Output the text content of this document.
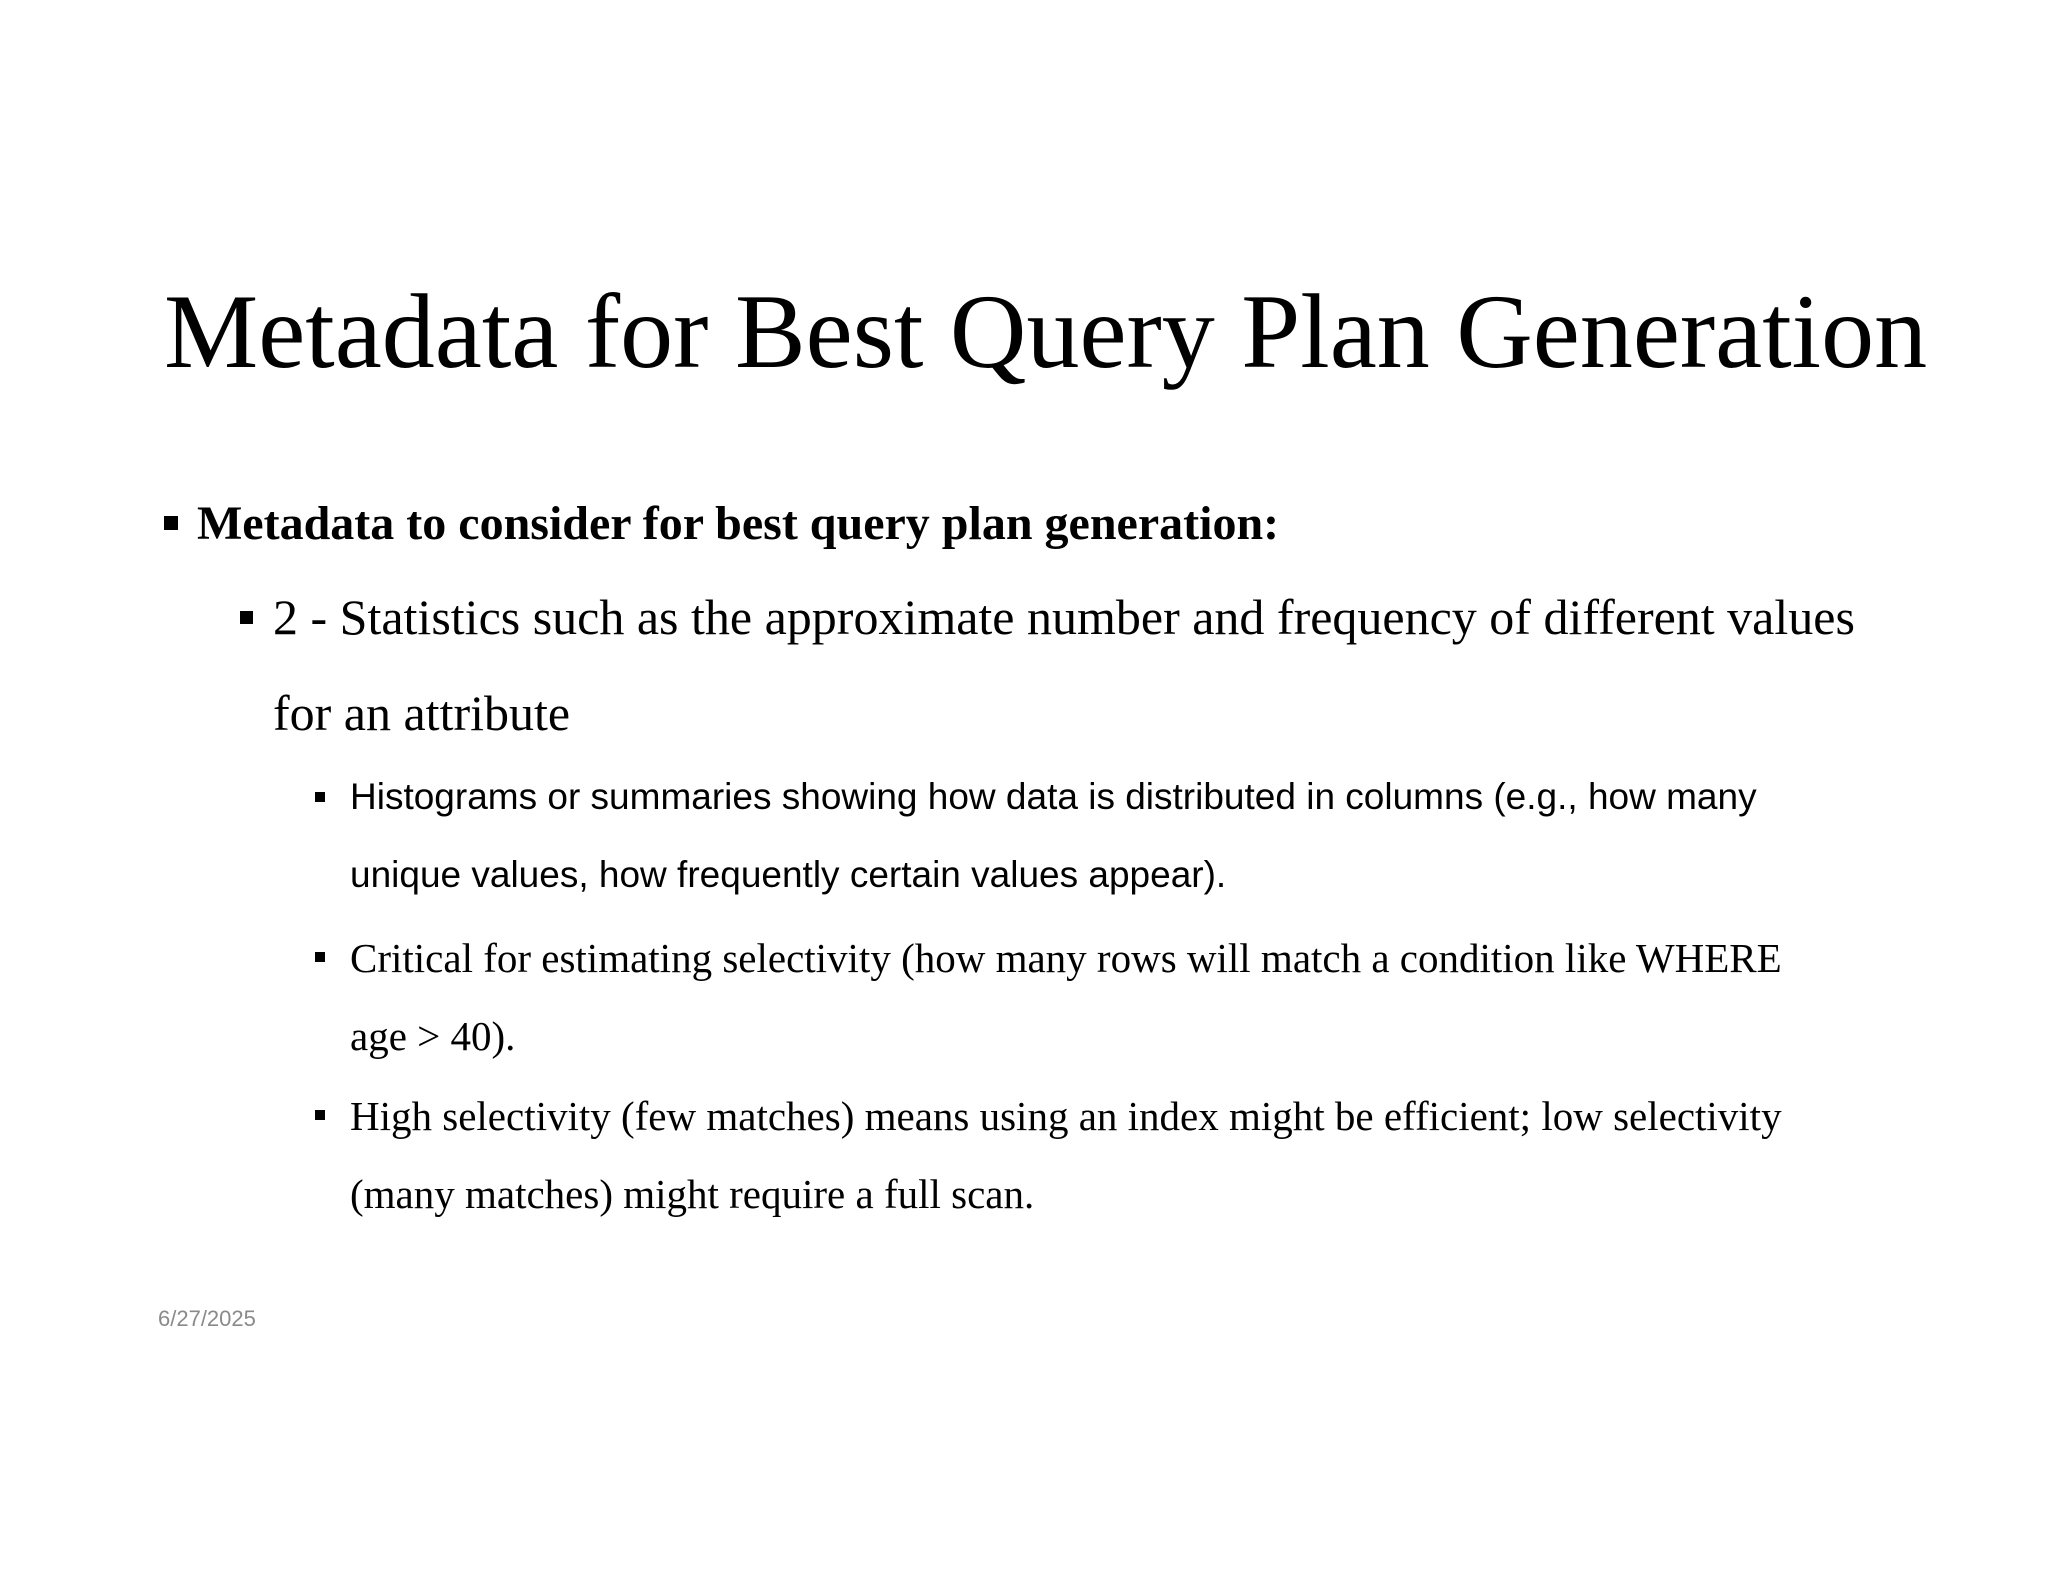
Metadata for Best Query Plan Generation
Metadata to consider for best query plan generation:
2 - Statistics such as the approximate number and frequency of different values
for an attribute
Histograms or summaries showing how data is distributed in columns (e.g., how many
unique values, how frequently certain values appear).
Critical for estimating selectivity (how many rows will match a condition like WHERE
age > 40).
High selectivity (few matches) means using an index might be efficient; low selectivity
(many matches) might require a full scan.
6/27/2025
